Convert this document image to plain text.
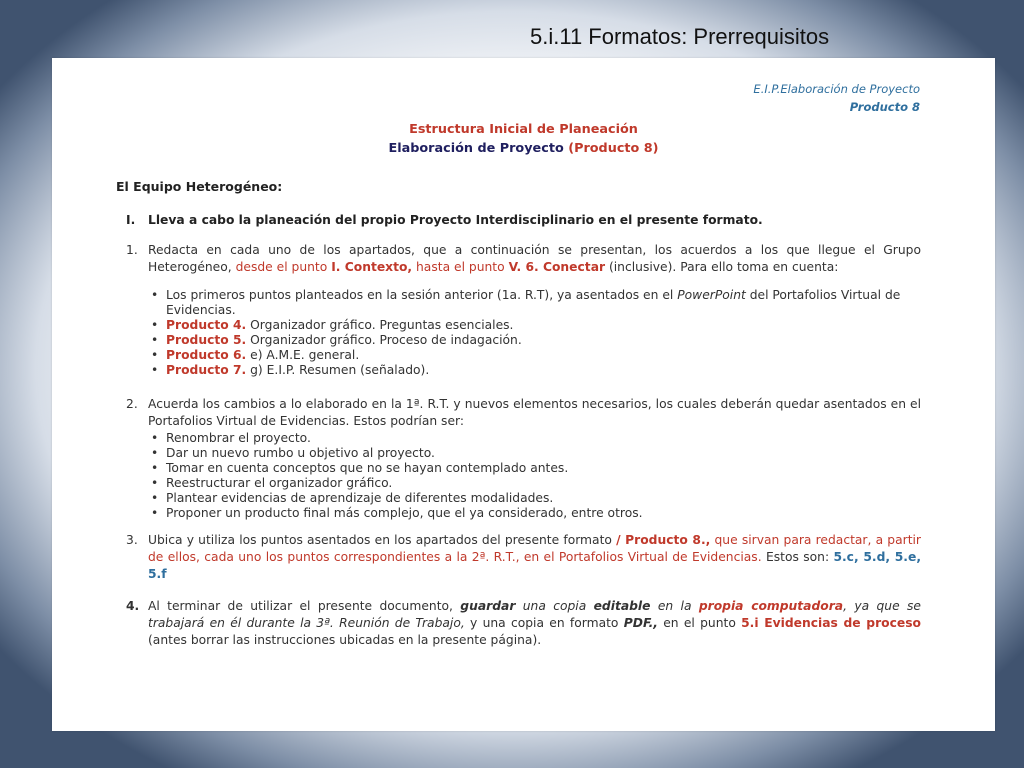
5.i.11 Formatos: Prerrequisitos
E.I.P.Elaboración de Proyecto
Producto 8
Estructura Inicial de Planeación
Elaboración de Proyecto (Producto 8)
El Equipo Heterogéneo:
I. Lleva a cabo la planeación del propio Proyecto Interdisciplinario en el presente formato.
1. Redacta en cada uno de los apartados, que a continuación se presentan, los acuerdos a los que llegue el Grupo Heterogéneo, desde el punto I. Contexto, hasta el punto V. 6. Conectar (inclusive). Para ello toma en cuenta:
• Los primeros puntos planteados en la sesión anterior (1a. R.T), ya asentados en el PowerPoint del Portafolios Virtual de Evidencias.
• Producto 4. Organizador gráfico. Preguntas esenciales.
• Producto 5. Organizador gráfico. Proceso de indagación.
• Producto 6. e) A.M.E. general.
• Producto 7. g) E.I.P. Resumen (señalado).
2. Acuerda los cambios a lo elaborado en la 1ª. R.T. y nuevos elementos necesarios, los cuales deberán quedar asentados en el Portafolios Virtual de Evidencias. Estos podrían ser:
• Renombrar el proyecto.
• Dar un nuevo rumbo u objetivo al proyecto.
• Tomar en cuenta conceptos que no se hayan contemplado antes.
• Reestructurar el organizador gráfico.
• Plantear evidencias de aprendizaje de diferentes modalidades.
• Proponer un producto final más complejo, que el ya considerado, entre otros.
3. Ubica y utiliza los puntos asentados en los apartados del presente formato / Producto 8., que sirvan para redactar, a partir de ellos, cada uno los puntos correspondientes a la 2ª. R.T., en el Portafolios Virtual de Evidencias. Estos son: 5.c, 5.d, 5.e, 5.f
4. Al terminar de utilizar el presente documento, guardar una copia editable en la propia computadora, ya que se trabajará en él durante la 3ª. Reunión de Trabajo, y una copia en formato PDF., en el punto 5.i Evidencias de proceso (antes borrar las instrucciones ubicadas en la presente página).
